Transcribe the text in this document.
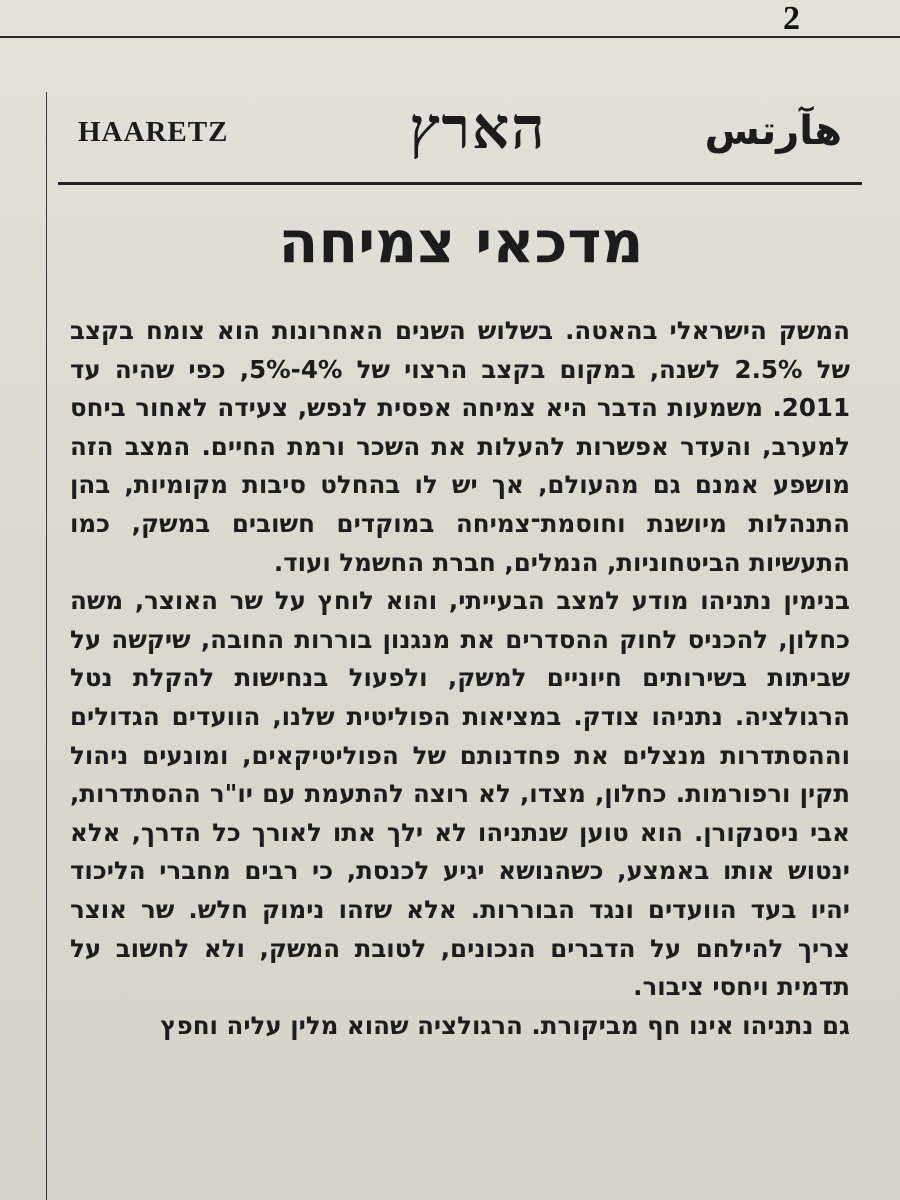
2
HAARETZ	הארץ	هآرتس
מדכאי צמיחה

המשק הישראלי בהאטה. בשלוש השנים האחרונות הוא צומח בקצב של 2.5% לשנה, במקום בקצב הרצוי של 4%-5%, כפי שהיה עד 2011. משמעות הדבר היא צמיחה אפסית לנפש, צעידה לאחור ביחס למערב, והעדר אפשרות להעלות את השכר ורמת החיים. המצב הזה מושפע אמנם גם מהעולם, אך יש לו בהחלט סיבות מקומיות, בהן התנהלות מיושנת וחוסמת־צמיחה במוקדים חשובים במשק, כמו התעשיות הביטחוניות, הנמלים, חברת החשמל ועוד.

בנימין נתניהו מודע למצב הבעייתי, והוא לוחץ על שר האוצר, משה כחלון, להכניס לחוק ההסדרים את מנגנון בוררות החובה, שיקשה על שביתות בשירותים חיוניים למשק, ולפעול בנחישות להקלת נטל הרגולציה. נתניהו צודק. במציאות הפוליטית שלנו, הוועדים הגדולים וההסתדרות מנצלים את פחדנותם של הפוליטיקאים, ומונעים ניהול תקין ורפורמות. כחלון, מצדו, לא רוצה להתעמת עם יו"ר ההסתדרות, אבי ניסנקורן. הוא טוען שנתניהו לא ילך אתו לאורך כל הדרך, אלא ינטוש אותו באמצע, כשהנושא יגיע לכנסת, כי רבים מחברי הליכוד יהיו בעד הוועדים ונגד הבוררות. אלא שזהו נימוק חלש. שר אוצר צריך להילחם על הדברים הנכונים, לטובת המשק, ולא לחשוב על תדמית ויחסי ציבור.

גם נתניהו אינו חף מביקורת. הרגולציה שהוא מלין עליה וחפץ
